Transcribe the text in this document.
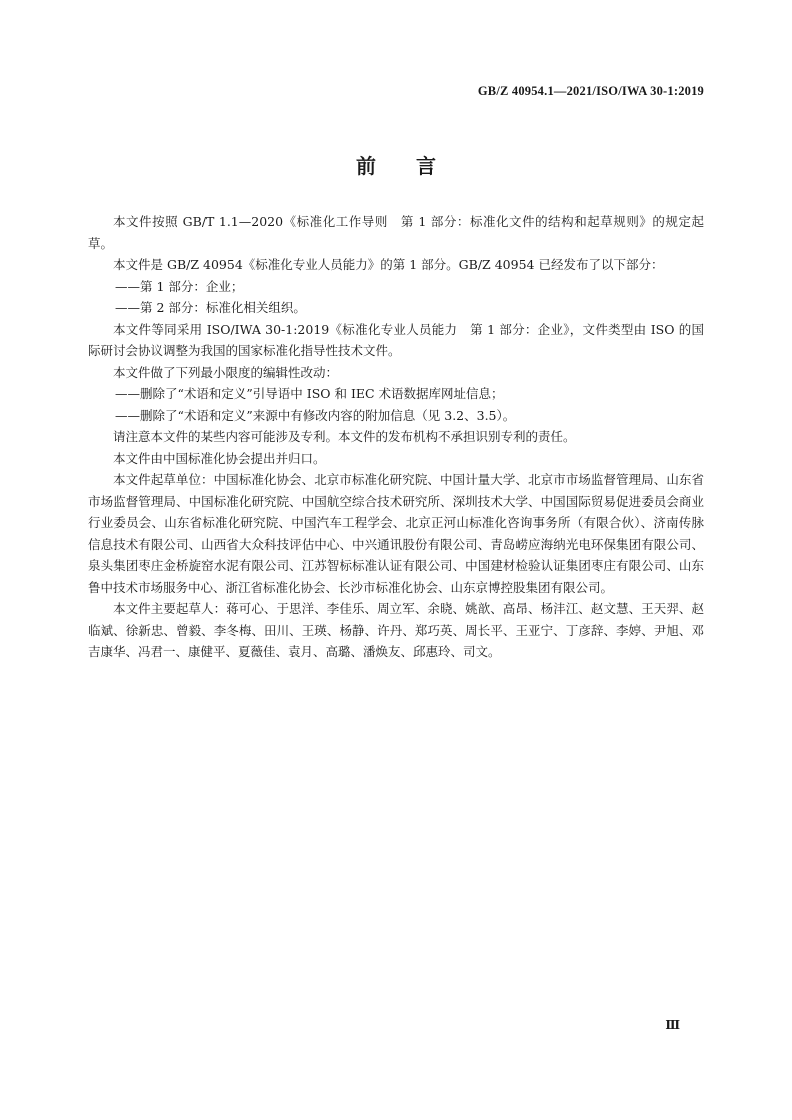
GB/Z 40954.1—2021/ISO/IWA 30-1:2019
前 言

本文件按照 GB/T 1.1—2020《标准化工作导则　第 1 部分：标准化文件的结构和起草规则》的规定起草。

本文件是 GB/Z 40954《标准化专业人员能力》的第 1 部分。GB/Z 40954 已经发布了以下部分：

——第 1 部分：企业；

——第 2 部分：标准化相关组织。

本文件等同采用 ISO/IWA 30-1:2019《标准化专业人员能力　第 1 部分：企业》，文件类型由 ISO 的国际研讨会协议调整为我国的国家标准化指导性技术文件。

本文件做了下列最小限度的编辑性改动：

——删除了“术语和定义”引导语中 ISO 和 IEC 术语数据库网址信息；

——删除了“术语和定义”来源中有修改内容的附加信息（见 3.2、3.5）。

请注意本文件的某些内容可能涉及专利。本文件的发布机构不承担识别专利的责任。

本文件由中国标准化协会提出并归口。

本文件起草单位：中国标准化协会、北京市标准化研究院、中国计量大学、北京市市场监督管理局、山东省市场监督管理局、中国标准化研究院、中国航空综合技术研究所、深圳技术大学、中国国际贸易促进委员会商业行业委员会、山东省标准化研究院、中国汽车工程学会、北京正河山标准化咨询事务所（有限合伙）、济南传脉信息技术有限公司、山西省大众科技评估中心、中兴通讯股份有限公司、青岛崂应海纳光电环保集团有限公司、泉头集团枣庄金桥旋窑水泥有限公司、江苏智标标准认证有限公司、中国建材检验认证集团枣庄有限公司、山东鲁中技术市场服务中心、浙江省标准化协会、长沙市标准化协会、山东京博控股集团有限公司。

本文件主要起草人：蒋可心、于思洋、李佳乐、周立军、余晓、姚歆、高昂、杨沣江、赵文慧、王天羿、赵临斌、徐新忠、曾毅、李冬梅、田川、王瑛、杨静、许丹、郑巧英、周长平、王亚宁、丁彦辞、李婷、尹旭、邓吉康华、冯君一、康健平、夏薇佳、袁月、高璐、潘焕友、邱惠玲、司文。

Ⅲ
